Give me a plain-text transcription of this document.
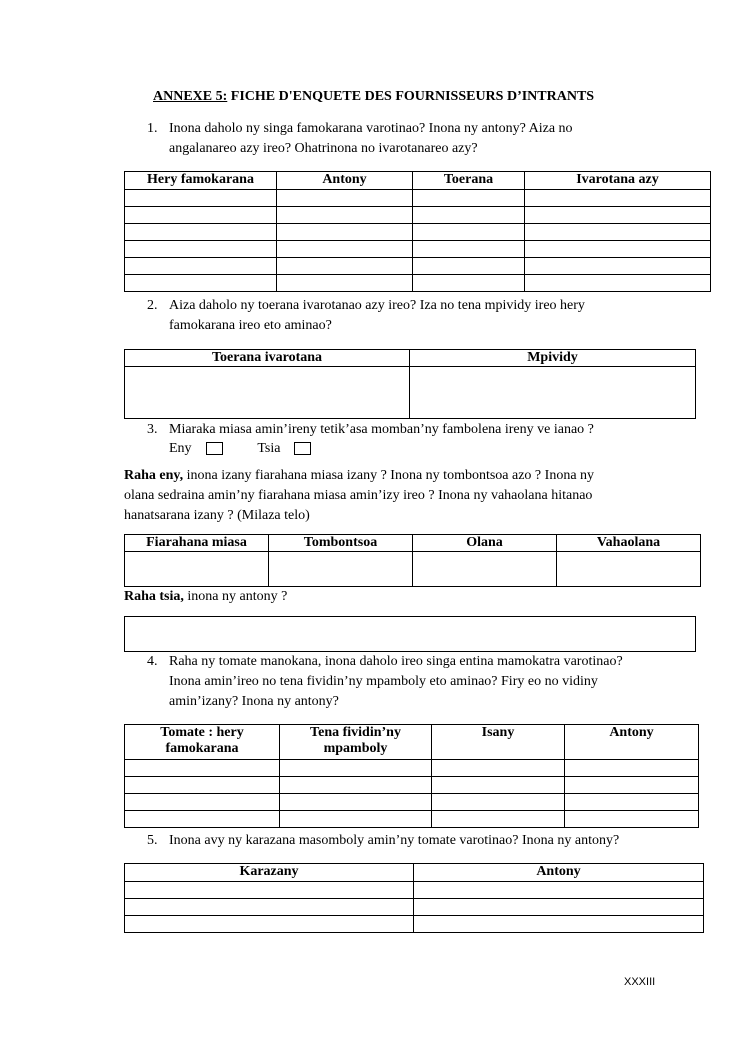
ANNEXE 5: FICHE D'ENQUETE DES FOURNISSEURS D’INTRANTS
1. Inona daholo ny singa famokarana varotinao? Inona ny antony? Aiza no
angalanareo azy ireo? Ohatrinona no ivarotanareo azy?
Hery famokarana	Antony	Toerana	Ivarotana azy

2. Aiza daholo ny toerana ivarotanao azy ireo? Iza no tena mpividy ireo hery
famokarana ireo eto aminao?
Toerana ivarotana	Mpividy

3. Miaraka miasa amin’ireny tetik’asa momban’ny fambolena ireny ve ianao ?
Eny	Tsia
Raha eny, inona izany fiarahana miasa izany ? Inona ny tombontsoa azo ? Inona ny
olana sedraina amin’ny fiarahana miasa amin’izy ireo ? Inona ny vahaolana hitanao
hanatsarana izany ? (Milaza telo)
Fiarahana miasa	Tombontsoa	Olana	Vahaolana

Raha tsia, inona ny antony ?
4. Raha ny tomate manokana, inona daholo ireo singa entina mamokatra varotinao?
Inona amin’ireo no tena fividin’ny mpamboly eto aminao? Firy eo no vidiny
amin’izany? Inona ny antony?
Tomate : hery
famokarana	Tena fividin’ny
mpamboly	Isany	Antony

5. Inona avy ny karazana masomboly amin’ny tomate varotinao? Inona ny antony?
Karazany	Antony

XXXIII
